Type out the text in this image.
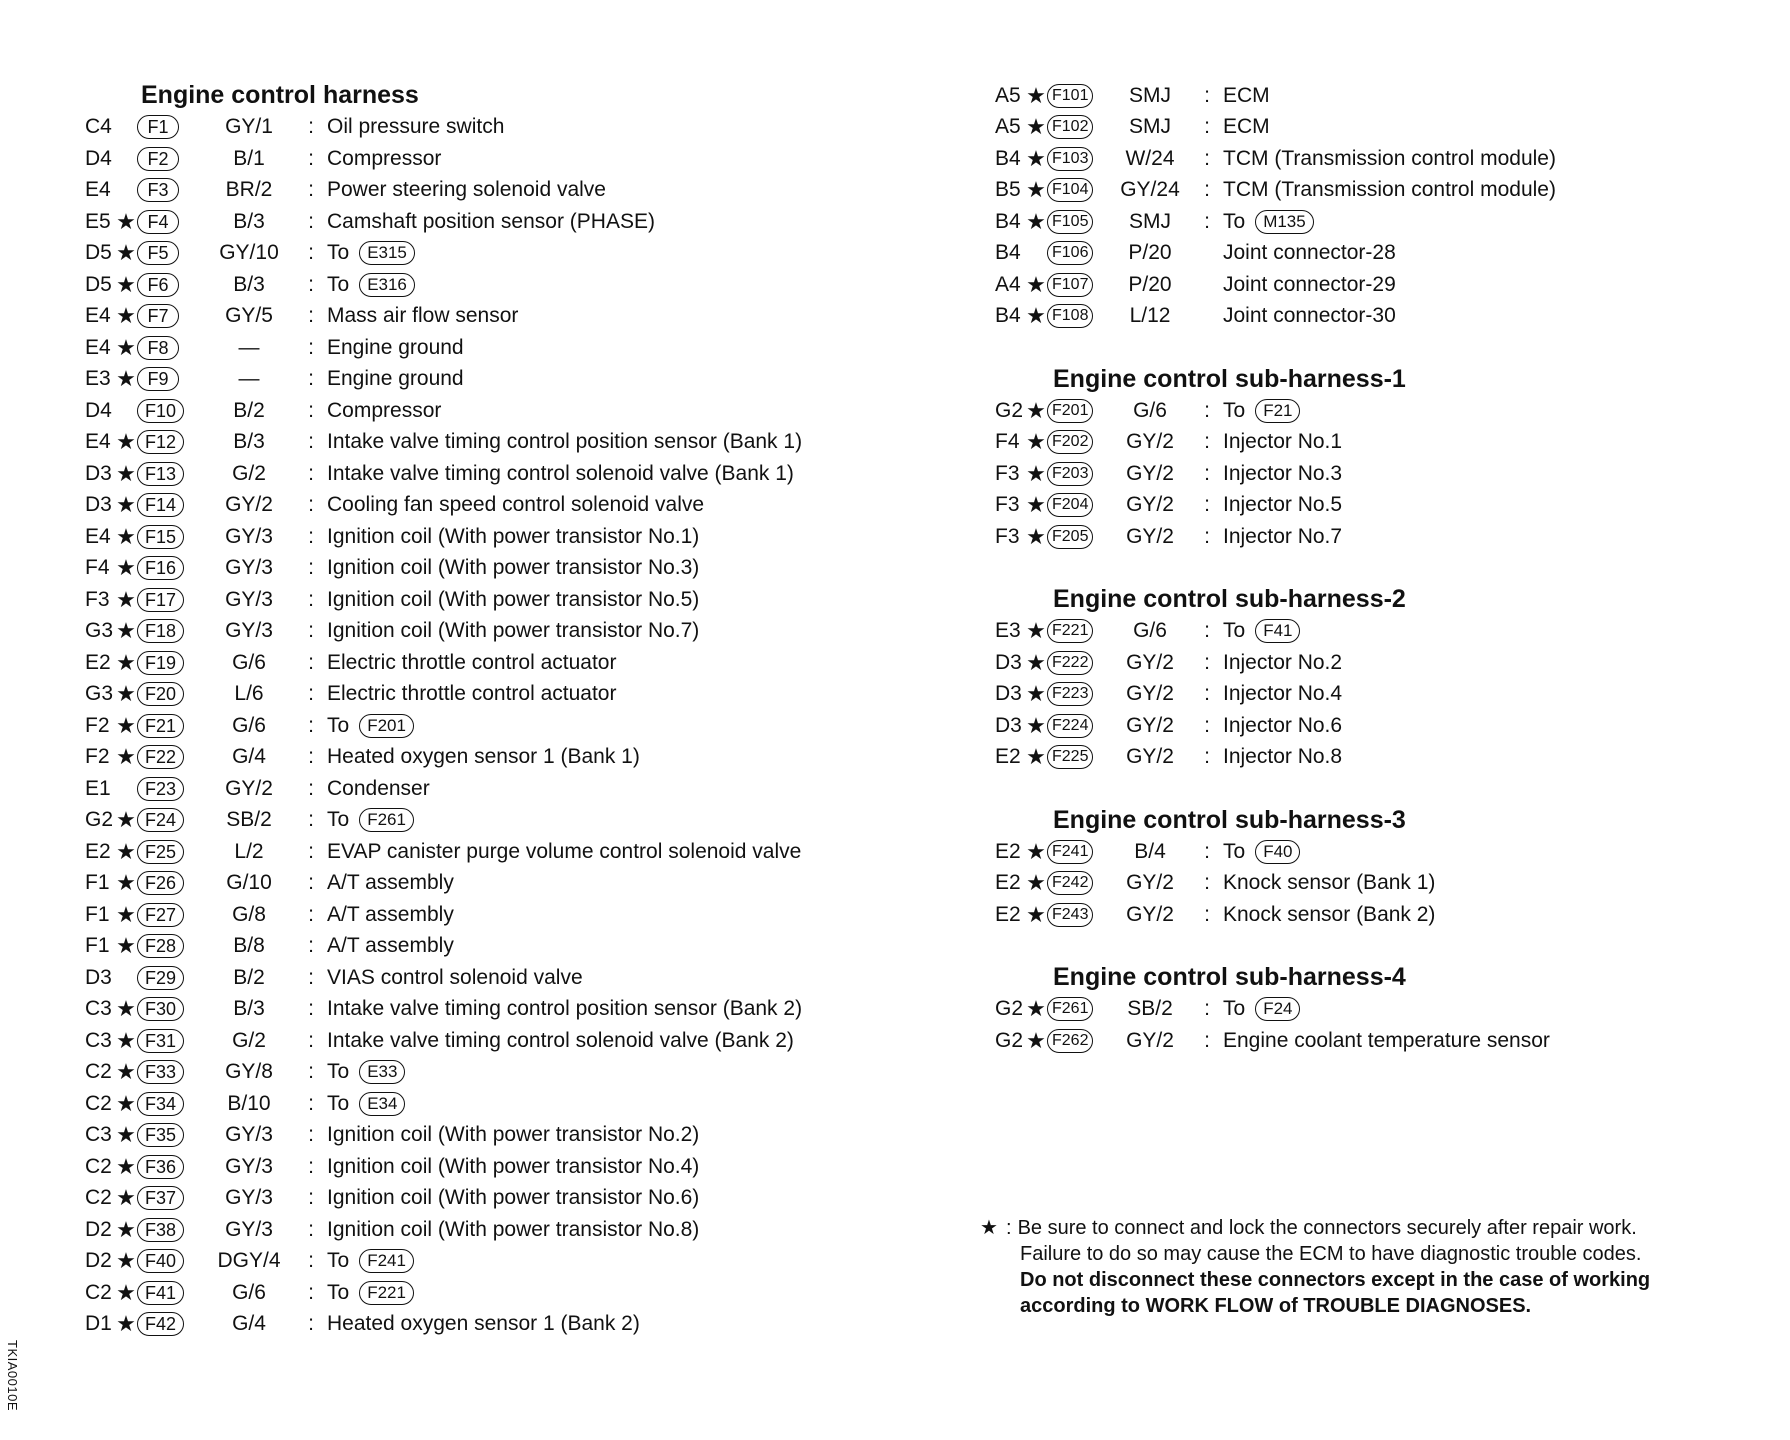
Engine control harness
C4	F1	GY/1	: Oil pressure switch
D4	F2	B/1	: Compressor
E4	F3	BR/2	: Power steering solenoid valve
E5 ★ F4	B/3	: Camshaft position sensor (PHASE)
D5 ★ F5	GY/10	: To	E315
D5 ★ F6	B/3	: To	E316
E4 ★ F7	GY/5	: Mass air flow sensor
E4 ★ F8	—	: Engine ground
E3 ★ F9	—	: Engine ground
D4	F10	B/2	: Compressor
E4 ★ F12	B/3	: Intake valve timing control position sensor (Bank 1)
D3 ★ F13	G/2	: Intake valve timing control solenoid valve (Bank 1)
D3 ★ F14	GY/2	: Cooling fan speed control solenoid valve
E4 ★ F15	GY/3	: Ignition coil (With power transistor No.1)
F4 ★ F16	GY/3	: Ignition coil (With power transistor No.3)
F3 ★ F17	GY/3	: Ignition coil (With power transistor No.5)
G3 ★ F18	GY/3	: Ignition coil (With power transistor No.7)
E2 ★ F19	G/6	: Electric throttle control actuator
G3 ★ F20	L/6	: Electric throttle control actuator
F2 ★ F21	G/6	: To	F201
F2 ★ F22	G/4	: Heated oxygen sensor 1 (Bank 1)
E1	F23	GY/2	: Condenser
G2 ★ F24	SB/2	: To	F261
E2 ★ F25	L/2	: EVAP canister purge volume control solenoid valve
F1 ★ F26	G/10	: A/T assembly
F1 ★ F27	G/8	: A/T assembly
F1 ★ F28	B/8	: A/T assembly
D3	F29	B/2	: VIAS control solenoid valve
C3 ★ F30	B/3	: Intake valve timing control position sensor (Bank 2)
C3 ★ F31	G/2	: Intake valve timing control solenoid valve (Bank 2)
C2 ★ F33	GY/8	: To	E33
C2 ★ F34	B/10	: To	E34
C3 ★ F35	GY/3	: Ignition coil (With power transistor No.2)
C2 ★ F36	GY/3	: Ignition coil (With power transistor No.4)
C2 ★ F37	GY/3	: Ignition coil (With power transistor No.6)
D2 ★ F38	GY/3	: Ignition coil (With power transistor No.8)
D2 ★ F40	DGY/4	: To	F241
C2 ★ F41	G/6	: To	F221
D1 ★ F42	G/4	: Heated oxygen sensor 1 (Bank 2)
A5 ★ F101	SMJ	: ECM
A5 ★ F102	SMJ	: ECM
B4 ★ F103	W/24	: TCM (Transmission control module)
B5 ★ F104	GY/24	: TCM (Transmission control module)
B4 ★ F105	SMJ	: To	M135
B4	F106	P/20	Joint connector-28
A4 ★ F107	P/20	Joint connector-29
B4 ★ F108	L/12	Joint connector-30
Engine control sub-harness-1
G2 ★ F201	G/6	: To	F21
F4 ★ F202	GY/2	: Injector No.1
F3 ★ F203	GY/2	: Injector No.3
F3 ★ F204	GY/2	: Injector No.5
F3 ★ F205	GY/2	: Injector No.7
Engine control sub-harness-2
E3 ★ F221	G/6	: To	F41
D3 ★ F222	GY/2	: Injector No.2
D3 ★ F223	GY/2	: Injector No.4
D3 ★ F224	GY/2	: Injector No.6
E2 ★ F225	GY/2	: Injector No.8
Engine control sub-harness-3
E2 ★ F241	B/4	: To	F40
E2 ★ F242	GY/2	: Knock sensor (Bank 1)
E2 ★ F243	GY/2	: Knock sensor (Bank 2)
Engine control sub-harness-4
G2 ★ F261	SB/2	: To	F24
G2 ★ F262	GY/2	: Engine coolant temperature sensor
★ : Be sure to connect and lock the connectors securely after repair work.

Failure to do so may cause the ECM to have diagnostic trouble codes.

Do not disconnect these connectors except in the case of working

according to WORK FLOW of TROUBLE DIAGNOSES.

TKIA0010E
